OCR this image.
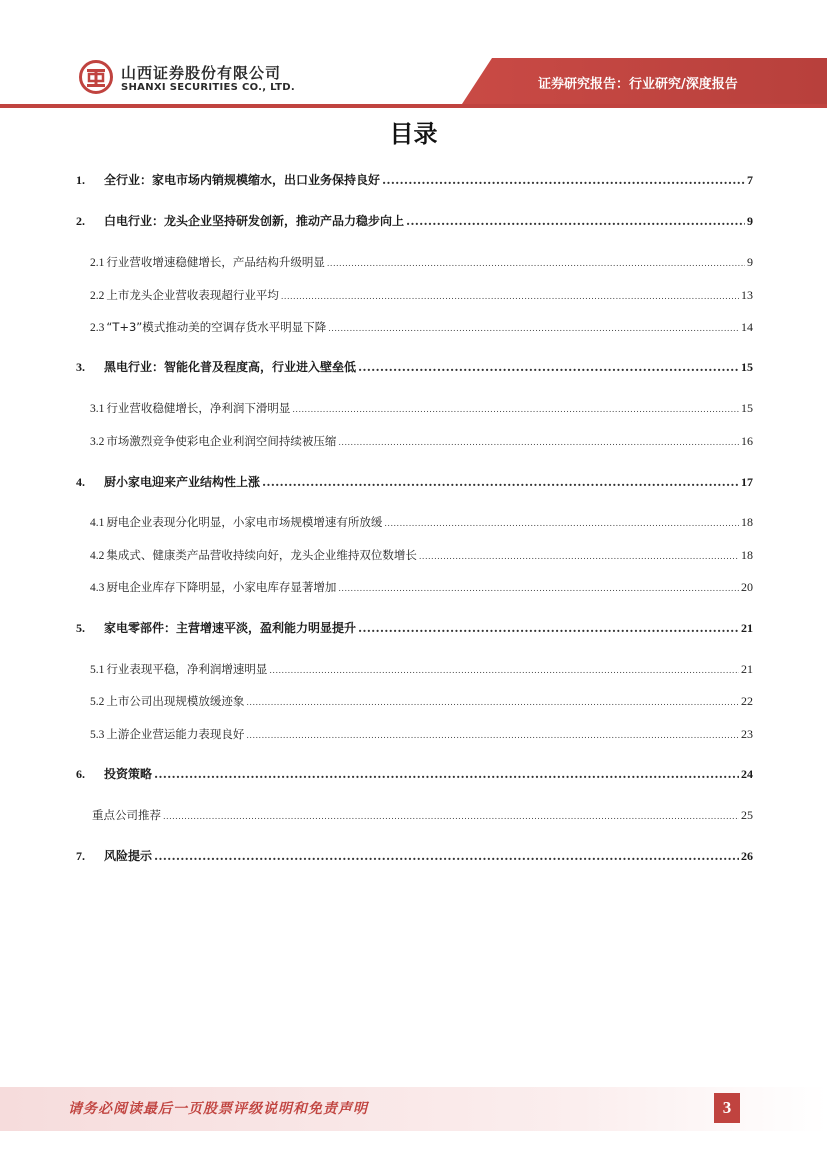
山西证券股份有限公司
SHANXI SECURITIES CO., LTD.	证券研究报告：行业研究/深度报告
目录
1.	全行业：家电市场内销规模缩水，出口业务保持良好 .....	7
2.	白电行业：龙头企业坚持研发创新，推动产品力稳步向上 .....	9
2.1 行业营收增速稳健增长，产品结构升级明显 .....	9
2.2 上市龙头企业营收表现超行业平均 .....	13
2.3 “T+3”模式推动美的空调存货水平明显下降 .....	14
3.	黑电行业：智能化普及程度高，行业进入壁垒低 .....	15
3.1 行业营收稳健增长，净利润下滑明显 .....	15
3.2 市场激烈竞争使彩电企业利润空间持续被压缩 .....	16
4.	厨小家电迎来产业结构性上涨 .....	17
4.1 厨电企业表现分化明显，小家电市场规模增速有所放缓 .....	18
4.2 集成式、健康类产品营收持续向好，龙头企业维持双位数增长 .....	18
4.3 厨电企业库存下降明显，小家电库存显著增加 .....	20
5.	家电零部件：主营增速平淡，盈利能力明显提升 .....	21
5.1 行业表现平稳，净利润增速明显 .....	21
5.2 上市公司出现规模放缓迹象 .....	22
5.3 上游企业营运能力表现良好 .....	23
6.	投资策略 .....	24
重点公司推荐 .....	25
7.	风险提示 .....	26
请务必阅读最后一页股票评级说明和免责声明	3
